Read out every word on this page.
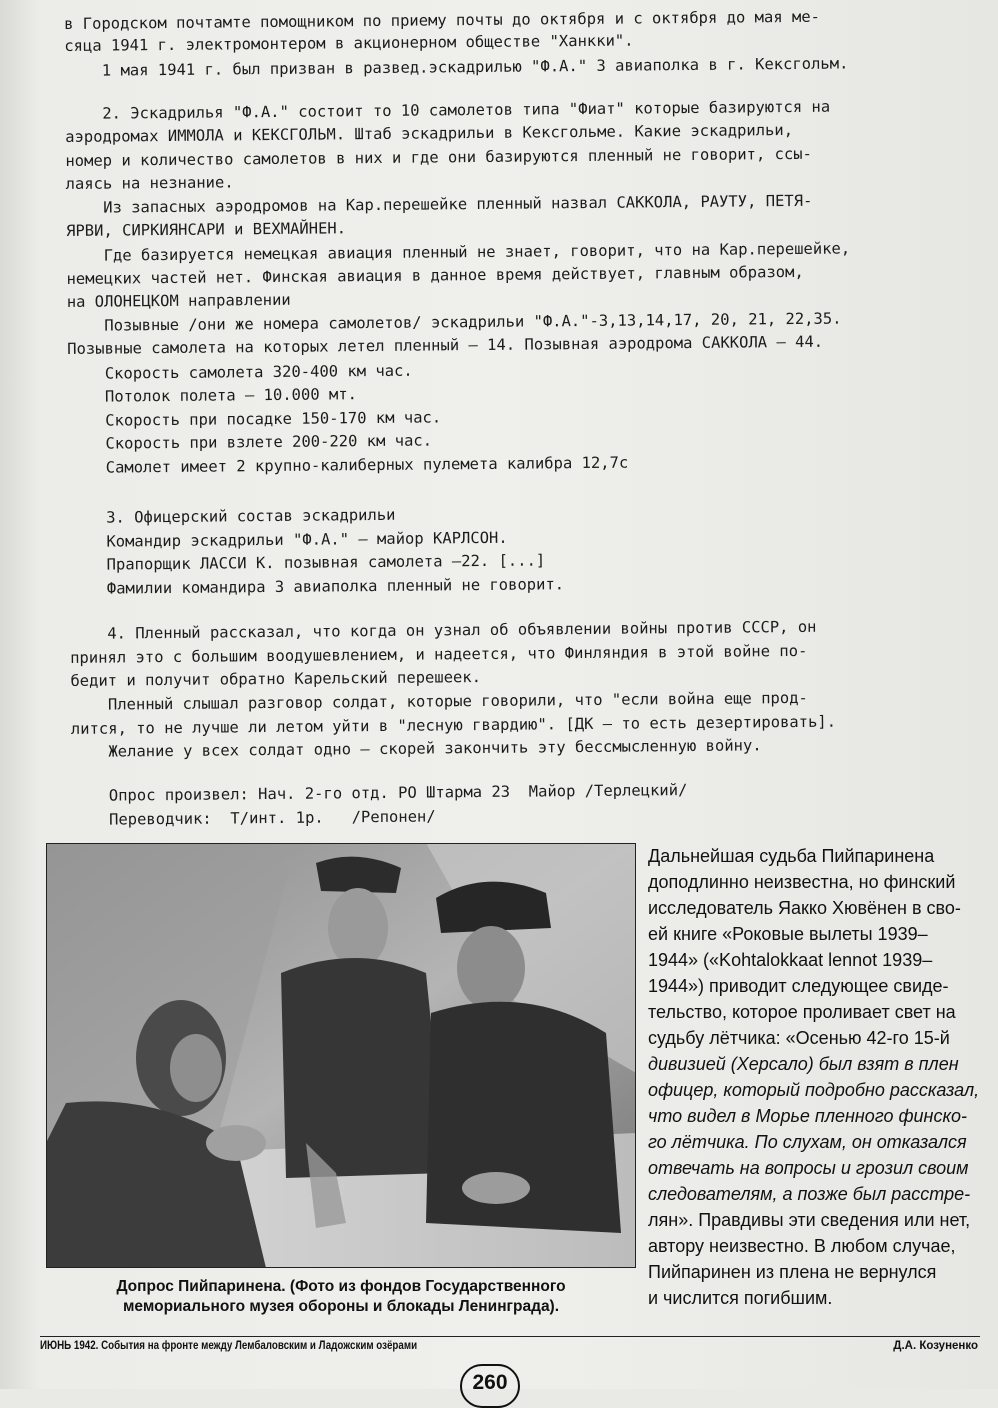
в Городском почтамте помощником по приему почты до октября и с октября до мая ме-
сяца 1941 г. электромонтером в акционерном обществе "Ханкки".
1 мая 1941 г. был призван в развед.эскадрилью "Ф.А." 3 авиаполка в г. Кексгольм.
2. Эскадрилья "Ф.А." состоит то 10 самолетов типа "Фиат" которые базируются на
аэродромах ИММОЛА и КЕКСГОЛЬМ. Штаб эскадрильи в Кексгольме. Какие эскадрильи,
номер и количество самолетов в них и где они базируются пленный не говорит, ссы-
лаясь на незнание.
Из запасных аэродромов на Кар.перешейке пленный назвал САККОЛА, РАУТУ, ПЕТЯ-
ЯРВИ, СИРКИЯНСАРИ и ВЕХМАЙНЕН.
Где базируется немецкая авиация пленный не знает, говорит, что на Кар.перешейке,
немецких частей нет. Финская авиация в данное время действует, главным образом,
на ОЛОНЕЦКОМ направлении
Позывные /они же номера самолетов/ эскадрильи "Ф.А."-3,13,14,17, 20, 21, 22,35.
Позывные самолета на которых летел пленный – 14. Позывная аэродрома САККОЛА – 44.
Скорость самолета 320-400 км час.
Потолок полета – 10.000 мт.
Скорость при посадке 150-170 км час.
Скорость при взлете 200-220 км час.
Самолет имеет 2 крупно-калиберных пулемета калибра 12,7с
3. Офицерский состав эскадрильи
Командир эскадрильи "Ф.А." – майор КАРЛСОН.
Прапорщик ЛАССИ К. позывная самолета –22. [...]
Фамилии командира 3 авиаполка пленный не говорит.
4. Пленный рассказал, что когда он узнал об объявлении войны против СССР, он
принял это с большим воодушевлением, и надеется, что Финляндия в этой войне по-
бедит и получит обратно Карельский перешеек.
Пленный слышал разговор солдат, которые говорили, что "если война еще прод-
лится, то не лучше ли летом уйти в "лесную гвардию". [ДК – то есть дезертировать].
Желание у всех солдат одно – скорей закончить эту бессмысленную войну.
Опрос произвел: Нач. 2-го отд. РО Штарма 23  Майор /Терлецкий/
Переводчик:  Т/инт. 1р.   /Репонен/
Допрос Пийпаринена. (Фото из фондов Государственного
мемориального музея обороны и блокады Ленинграда).
Дальнейшая судьба Пийпаринена
доподлинно неизвестна, но финский
исследователь Яакко Хювёнен в сво-
ей книге «Роковые вылеты 1939–
1944» («Kohtalokkaat lennot 1939–
1944») приводит следующее свиде-
тельство, которое проливает свет на
судьбу лётчика: «Осенью 42-го 15-й
дивизией (Херсало) был взят в плен
офицер, который подробно рассказал,
что видел в Морье пленного финско-
го лётчика. По слухам, он отказался
отвечать на вопросы и грозил своим
следователям, а позже был расстре-
лян». Правдивы эти сведения или нет,
автору неизвестно. В любом случае,
Пийпаринен из плена не вернулся
и числится погибшим.
ИЮНЬ 1942. События на фронте между Лембаловским и Ладожским озёрами	Д.А. Козуненко
260
